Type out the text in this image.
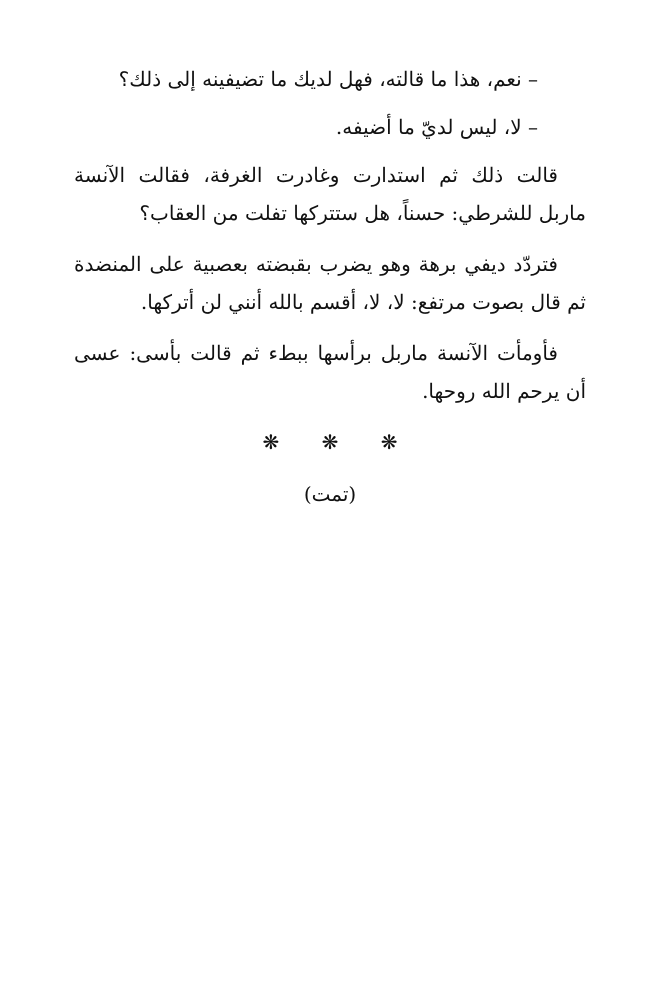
– نعم، هذا ما قالته، فهل لديك ما تضيفينه إلى ذلك؟

– لا، ليس لديّ ما أضيفه.

قالت ذلك ثم استدارت وغادرت الغرفة، فقالت الآنسة ماربل للشرطي: حسناً، هل ستتركها تفلت من العقاب؟

فتردّد ديفي برهة وهو يضرب بقبضته بعصبية على المنضدة ثم قال بصوت مرتفع: لا، لا، أقسم بالله أنني لن أتركها.

فأومأت الآنسة ماربل برأسها ببطء ثم قالت بأسى: عسى أن يرحم الله روحها.

❋ ❋ ❋
(تمت)
